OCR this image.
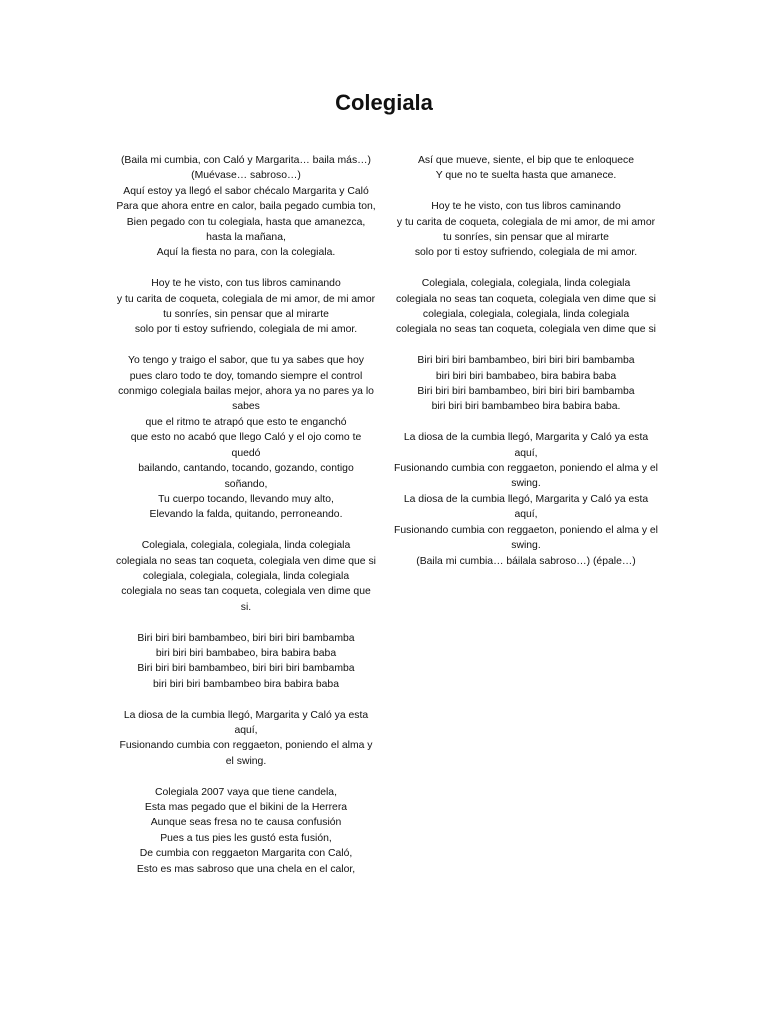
Colegiala
(Baila mi cumbia, con Caló y Margarita… baila más…)
(Muévase… sabroso…)
Aquí estoy ya llegó el sabor chécalo Margarita y Caló
Para que ahora entre en calor, baila pegado cumbia ton,
Bien pegado con tu colegiala, hasta que amanezca, hasta la mañana,
Aquí la fiesta no para, con la colegiala.
Hoy te he visto, con tus libros caminando
y tu carita de coqueta, colegiala de mi amor, de mi amor
tu sonríes, sin pensar que al mirarte
solo por ti estoy sufriendo, colegiala de mi amor.
Yo tengo y traigo el sabor, que tu ya sabes que hoy
pues claro todo te doy, tomando siempre el control
conmigo colegiala bailas mejor, ahora ya no pares ya lo sabes
que el ritmo te atrapó que esto te enganchó
que esto no acabó que llego Caló y el ojo como te quedó
bailando, cantando, tocando, gozando, contigo soñando,
Tu cuerpo tocando, llevando muy alto,
Elevando la falda, quitando, perroneando.
Colegiala, colegiala, colegiala, linda colegiala
colegiala no seas tan coqueta, colegiala ven dime que si
colegiala, colegiala, colegiala, linda colegiala
colegiala no seas tan coqueta, colegiala ven dime que si.
Biri biri biri bambambeo, biri biri biri bambamba
biri biri biri bambabeo, bira babira baba
Biri biri biri bambambeo, biri biri biri bambamba
biri biri biri bambambeo bira babira baba
La diosa de la cumbia llegó, Margarita y Caló ya esta aquí,
Fusionando cumbia con reggaeton, poniendo el alma y el swing.
Colegiala 2007 vaya que tiene candela,
Esta mas pegado que el bikini de la Herrera
Aunque seas fresa no te causa confusión
Pues a tus pies les gustó esta fusión,
De cumbia con reggaeton Margarita con Caló,
Esto es mas sabroso que una chela en el calor,
Así que mueve, siente, el bip que te enloquece
Y que no te suelta hasta que amanece.
Hoy te he visto, con tus libros caminando
y tu carita de coqueta, colegiala de mi amor, de mi amor
tu sonríes, sin pensar que al mirarte
solo por ti estoy sufriendo, colegiala de mi amor.
Colegiala, colegiala, colegiala, linda colegiala
colegiala no seas tan coqueta, colegiala ven dime que si
colegiala, colegiala, colegiala, linda colegiala
colegiala no seas tan coqueta, colegiala ven dime que si
Biri biri biri bambambeo, biri biri biri bambamba
biri biri biri bambabeo, bira babira baba
Biri biri biri bambambeo, biri biri biri bambamba
biri biri biri bambambeo bira babira baba.
La diosa de la cumbia llegó, Margarita y Caló ya esta aquí,
Fusionando cumbia con reggaeton, poniendo el alma y el swing.
La diosa de la cumbia llegó, Margarita y Caló ya esta aquí,
Fusionando cumbia con reggaeton, poniendo el alma y el swing.
(Baila mi cumbia… báilala sabroso…) (épale…)
